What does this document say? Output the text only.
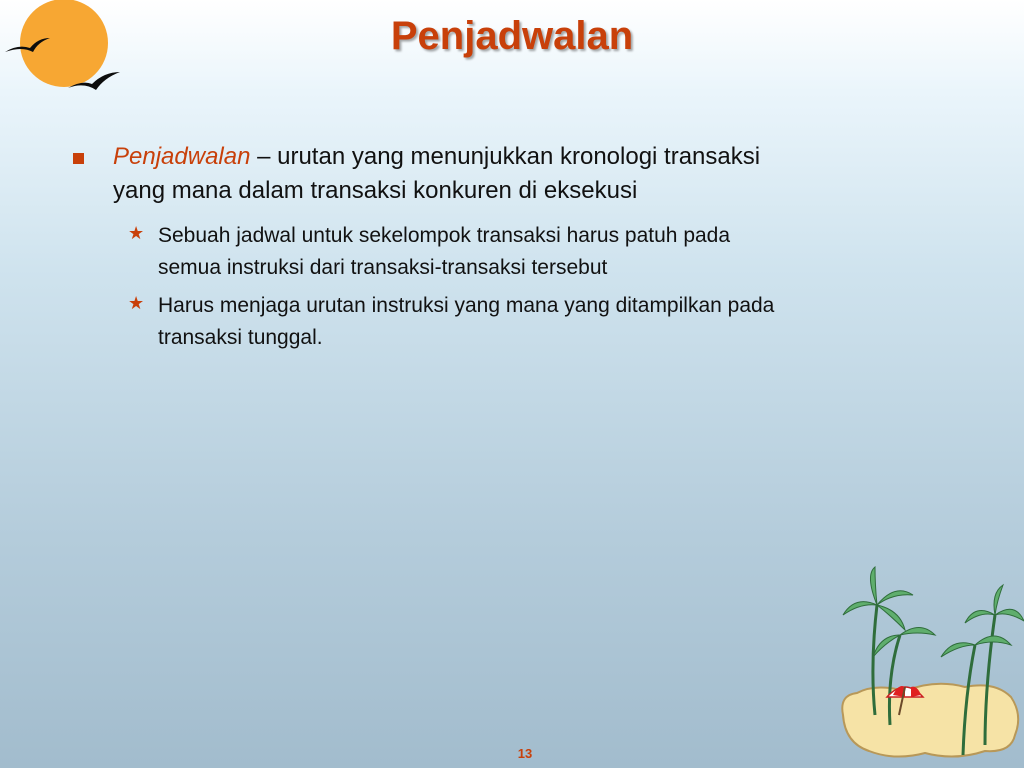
Penjadwalan
Penjadwalan – urutan yang menunjukkan kronologi transaksi
yang mana dalam transaksi konkuren di eksekusi
★ Sebuah jadwal untuk sekelompok transaksi harus patuh pada
semua instruksi dari transaksi-transaksi tersebut
★ Harus menjaga urutan instruksi yang mana yang ditampilkan pada
transaksi tunggal.
13
